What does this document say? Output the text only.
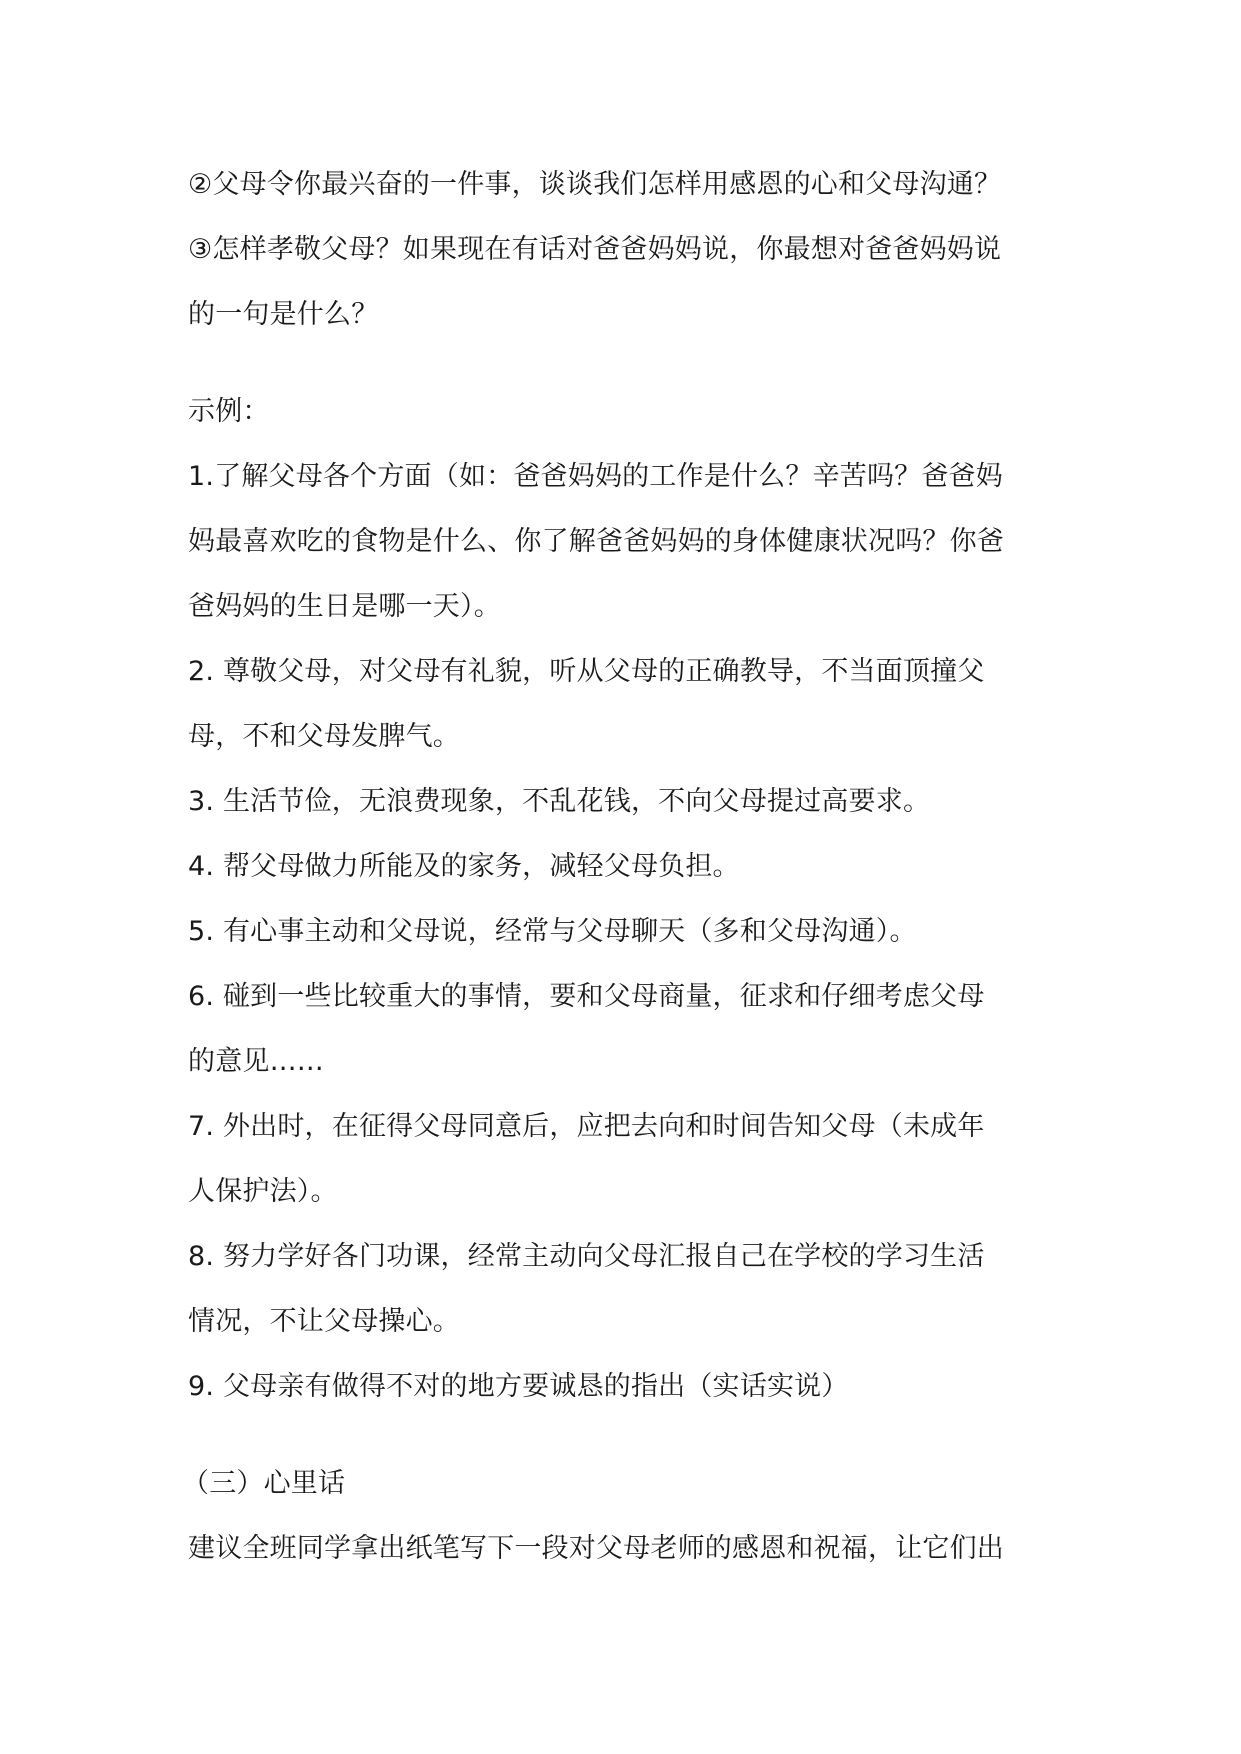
②父母令你最兴奋的一件事，谈谈我们怎样用感恩的心和父母沟通？
③怎样孝敬父母？如果现在有话对爸爸妈妈说，你最想对爸爸妈妈说
的一句是什么？
示例：
1.了解父母各个方面（如：爸爸妈妈的工作是什么？辛苦吗？爸爸妈
妈最喜欢吃的食物是什么、你了解爸爸妈妈的身体健康状况吗？你爸
爸妈妈的生日是哪一天）。
2. 尊敬父母，对父母有礼貌，听从父母的正确教导，不当面顶撞父
母，不和父母发脾气。
3. 生活节俭，无浪费现象，不乱花钱，不向父母提过高要求。
4. 帮父母做力所能及的家务，减轻父母负担。
5. 有心事主动和父母说，经常与父母聊天（多和父母沟通）。
6. 碰到一些比较重大的事情，要和父母商量，征求和仔细考虑父母
的意见……
7. 外出时，在征得父母同意后，应把去向和时间告知父母（未成年
人保护法）。
8. 努力学好各门功课，经常主动向父母汇报自己在学校的学习生活
情况，不让父母操心。
9. 父母亲有做得不对的地方要诚恳的指出（实话实说）
（三）心里话
建议全班同学拿出纸笔写下一段对父母老师的感恩和祝福，让它们出
